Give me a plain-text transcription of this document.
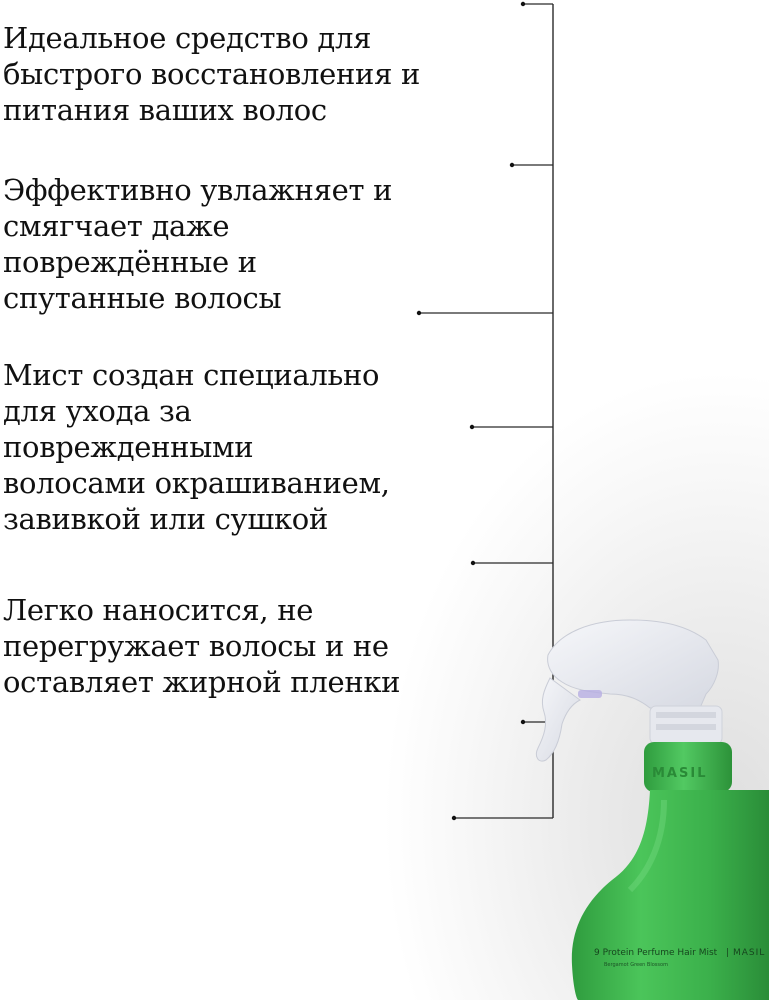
Идеальное средство для
быстрого восстановления и
питания ваших волос

Эффективно увлажняет и
смягчает даже
повреждённые и
спутанные волосы

Мист создан специально
для ухода за
поврежденными
волосами окрашиванием,
завивкой или сушкой

Легко наносится, не
перегружает волосы и не
оставляет жирной пленки

MASIL
9 Protein Perfume Hair Mist | MASIL
Bergamot Green Blossom
